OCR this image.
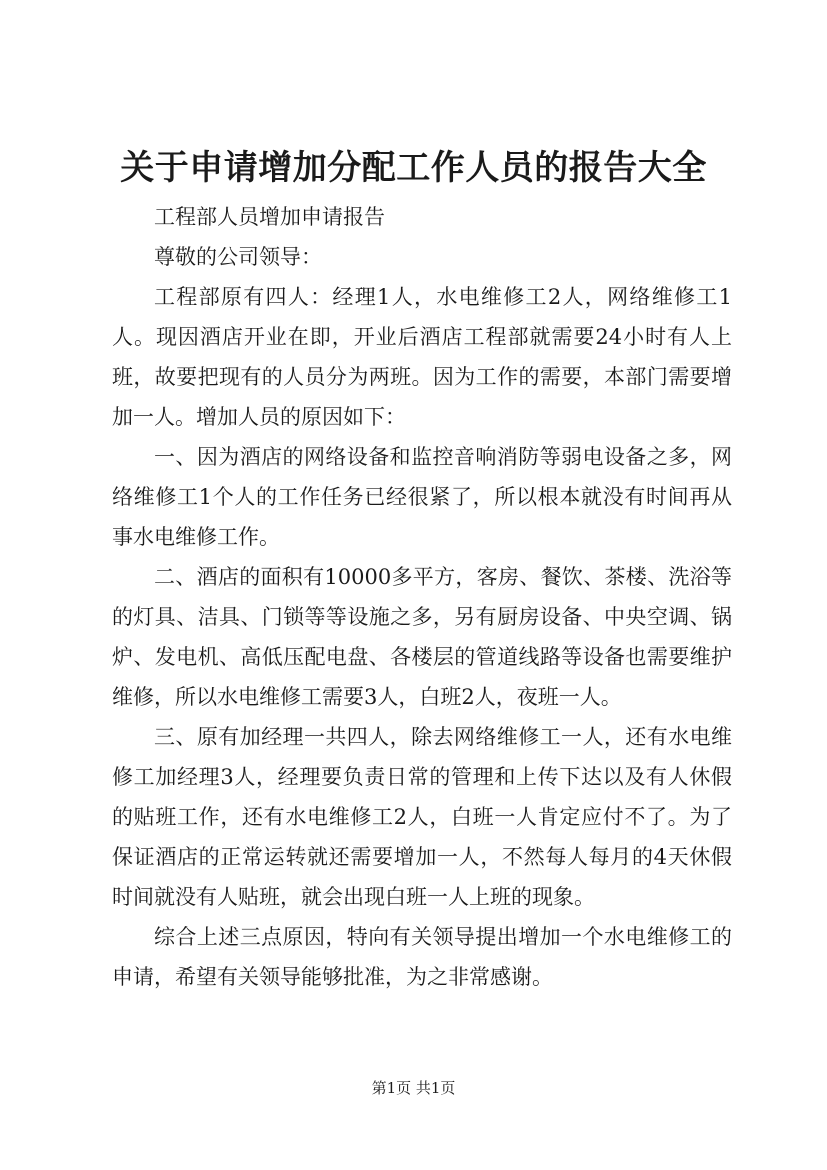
关于申请增加分配工作人员的报告大全

工程部人员增加申请报告

尊敬的公司领导：

工程部原有四人：经理1人，水电维修工2人，网络维修工1人。现因酒店开业在即，开业后酒店工程部就需要24小时有人上班，故要把现有的人员分为两班。因为工作的需要，本部门需要增加一人。增加人员的原因如下：

一、因为酒店的网络设备和监控音响消防等弱电设备之多，网络维修工1个人的工作任务已经很紧了，所以根本就没有时间再从事水电维修工作。

二、酒店的面积有10000多平方，客房、餐饮、茶楼、洗浴等的灯具、洁具、门锁等等设施之多，另有厨房设备、中央空调、锅炉、发电机、高低压配电盘、各楼层的管道线路等设备也需要维护维修，所以水电维修工需要3人，白班2人，夜班一人。

三、原有加经理一共四人，除去网络维修工一人，还有水电维修工加经理3人，经理要负责日常的管理和上传下达以及有人休假的贴班工作，还有水电维修工2人，白班一人肯定应付不了。为了保证酒店的正常运转就还需要增加一人，不然每人每月的4天休假时间就没有人贴班，就会出现白班一人上班的现象。

综合上述三点原因，特向有关领导提出增加一个水电维修工的申请，希望有关领导能够批准，为之非常感谢。

第1页 共1页
